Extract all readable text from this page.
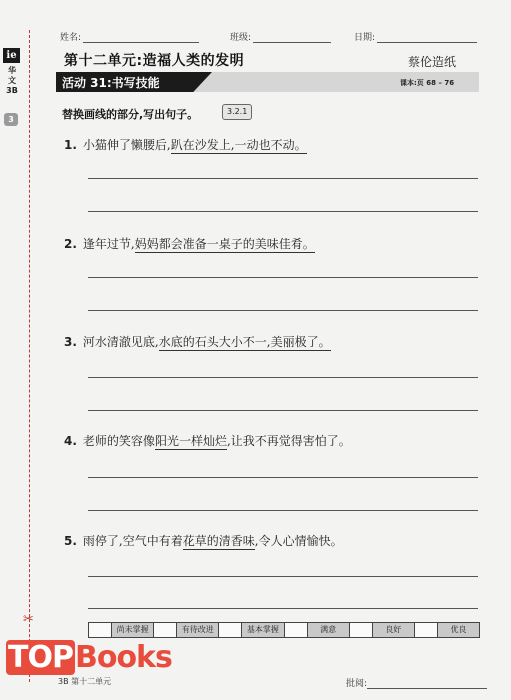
姓名:	班级:	日期:
ie
华文
3B
3
✂
第十二单元:造福人类的发明	蔡伦造纸
活动 31:书写技能	课本:页 68 – 76
替换画线的部分,写出句子。	3.2.1
1. 小猫伸了懒腰后,趴在沙发上,一动也不动。
2. 逢年过节,妈妈都会准备一桌子的美味佳肴。
3. 河水清澈见底,水底的石头大小不一,美丽极了。
4. 老师的笑容像阳光一样灿烂,让我不再觉得害怕了。
5. 雨停了,空气中有着花草的清香味,令人心情愉快。
尚未掌握	有待改进	基本掌握	满意	良好	优良
TOPBooks
3B 第十二单元	批阅:
